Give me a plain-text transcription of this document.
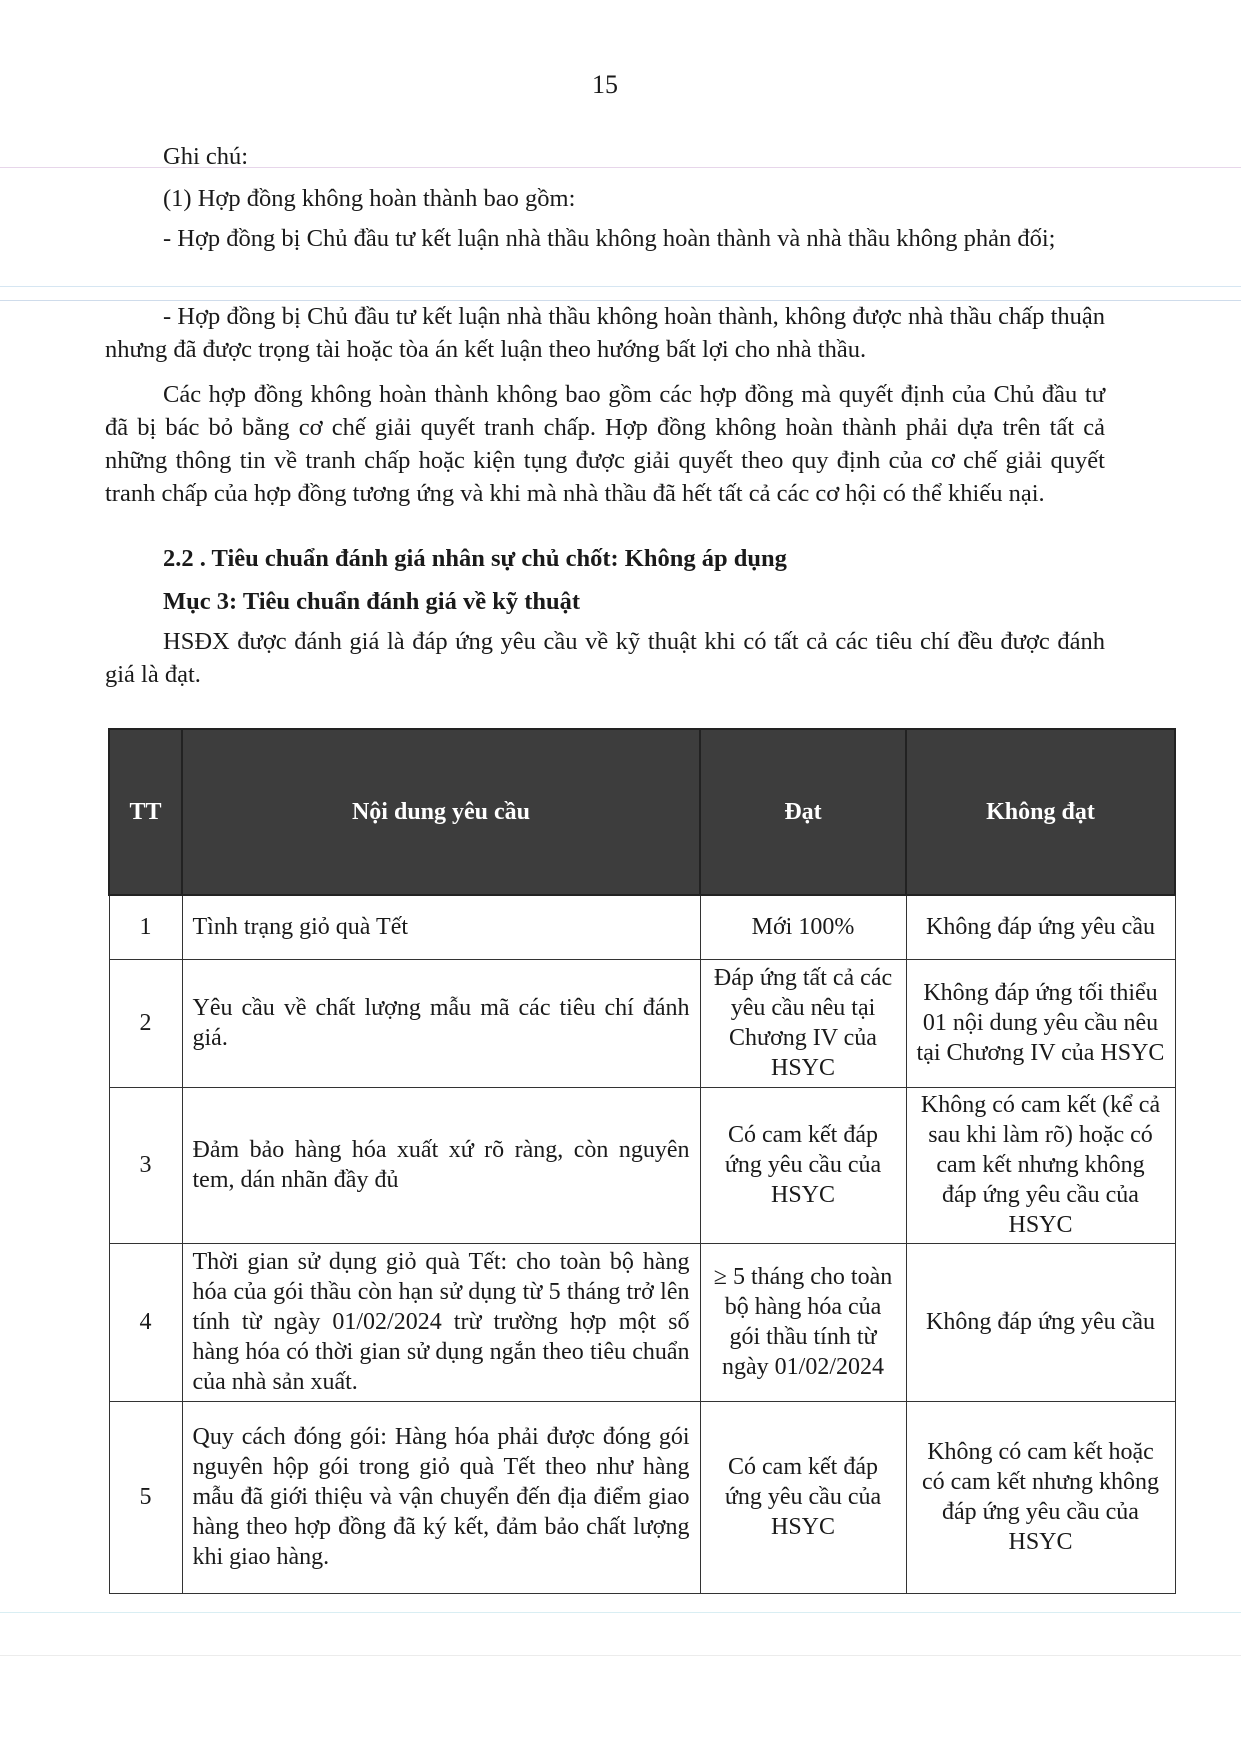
15
Ghi chú:
(1) Hợp đồng không hoàn thành bao gồm:
- Hợp đồng bị Chủ đầu tư kết luận nhà thầu không hoàn thành và nhà thầu không phản đối;
- Hợp đồng bị Chủ đầu tư kết luận nhà thầu không hoàn thành, không được nhà thầu chấp thuận nhưng đã được trọng tài hoặc tòa án kết luận theo hướng bất lợi cho nhà thầu.
Các hợp đồng không hoàn thành không bao gồm các hợp đồng mà quyết định của Chủ đầu tư đã bị bác bỏ bằng cơ chế giải quyết tranh chấp. Hợp đồng không hoàn thành phải dựa trên tất cả những thông tin về tranh chấp hoặc kiện tụng được giải quyết theo quy định của cơ chế giải quyết tranh chấp của hợp đồng tương ứng và khi mà nhà thầu đã hết tất cả các cơ hội có thể khiếu nại.
2.2 . Tiêu chuẩn đánh giá nhân sự chủ chốt: Không áp dụng
Mục 3: Tiêu chuẩn đánh giá về kỹ thuật
HSĐX được đánh giá là đáp ứng yêu cầu về kỹ thuật khi có tất cả các tiêu chí đều được đánh giá là đạt.
TT	Nội dung yêu cầu	Đạt	Không đạt
1	Tình trạng giỏ quà Tết	Mới 100%	Không đáp ứng yêu cầu
2	Yêu cầu về chất lượng mẫu mã các tiêu chí đánh giá.	Đáp ứng tất cả các yêu cầu nêu tại Chương IV của HSYC	Không đáp ứng tối thiểu 01 nội dung yêu cầu nêu tại Chương IV của HSYC
3	Đảm bảo hàng hóa xuất xứ rõ ràng, còn nguyên tem, dán nhãn đầy đủ	Có cam kết đáp ứng yêu cầu của HSYC	Không có cam kết (kể cả sau khi làm rõ) hoặc có cam kết nhưng không đáp ứng yêu cầu của HSYC
4	Thời gian sử dụng giỏ quà Tết: cho toàn bộ hàng hóa của gói thầu còn hạn sử dụng từ 5 tháng trở lên tính từ ngày 01/02/2024 trừ trường hợp một số hàng hóa có thời gian sử dụng ngắn theo tiêu chuẩn của nhà sản xuất.	≥ 5 tháng cho toàn bộ hàng hóa của gói thầu tính từ ngày 01/02/2024	Không đáp ứng yêu cầu
5	Quy cách đóng gói: Hàng hóa phải được đóng gói nguyên hộp gói trong giỏ quà Tết theo như hàng mẫu đã giới thiệu và vận chuyển đến địa điểm giao hàng theo hợp đồng đã ký kết, đảm bảo chất lượng khi giao hàng.	Có cam kết đáp ứng yêu cầu của HSYC	Không có cam kết hoặc có cam kết nhưng không đáp ứng yêu cầu của HSYC
